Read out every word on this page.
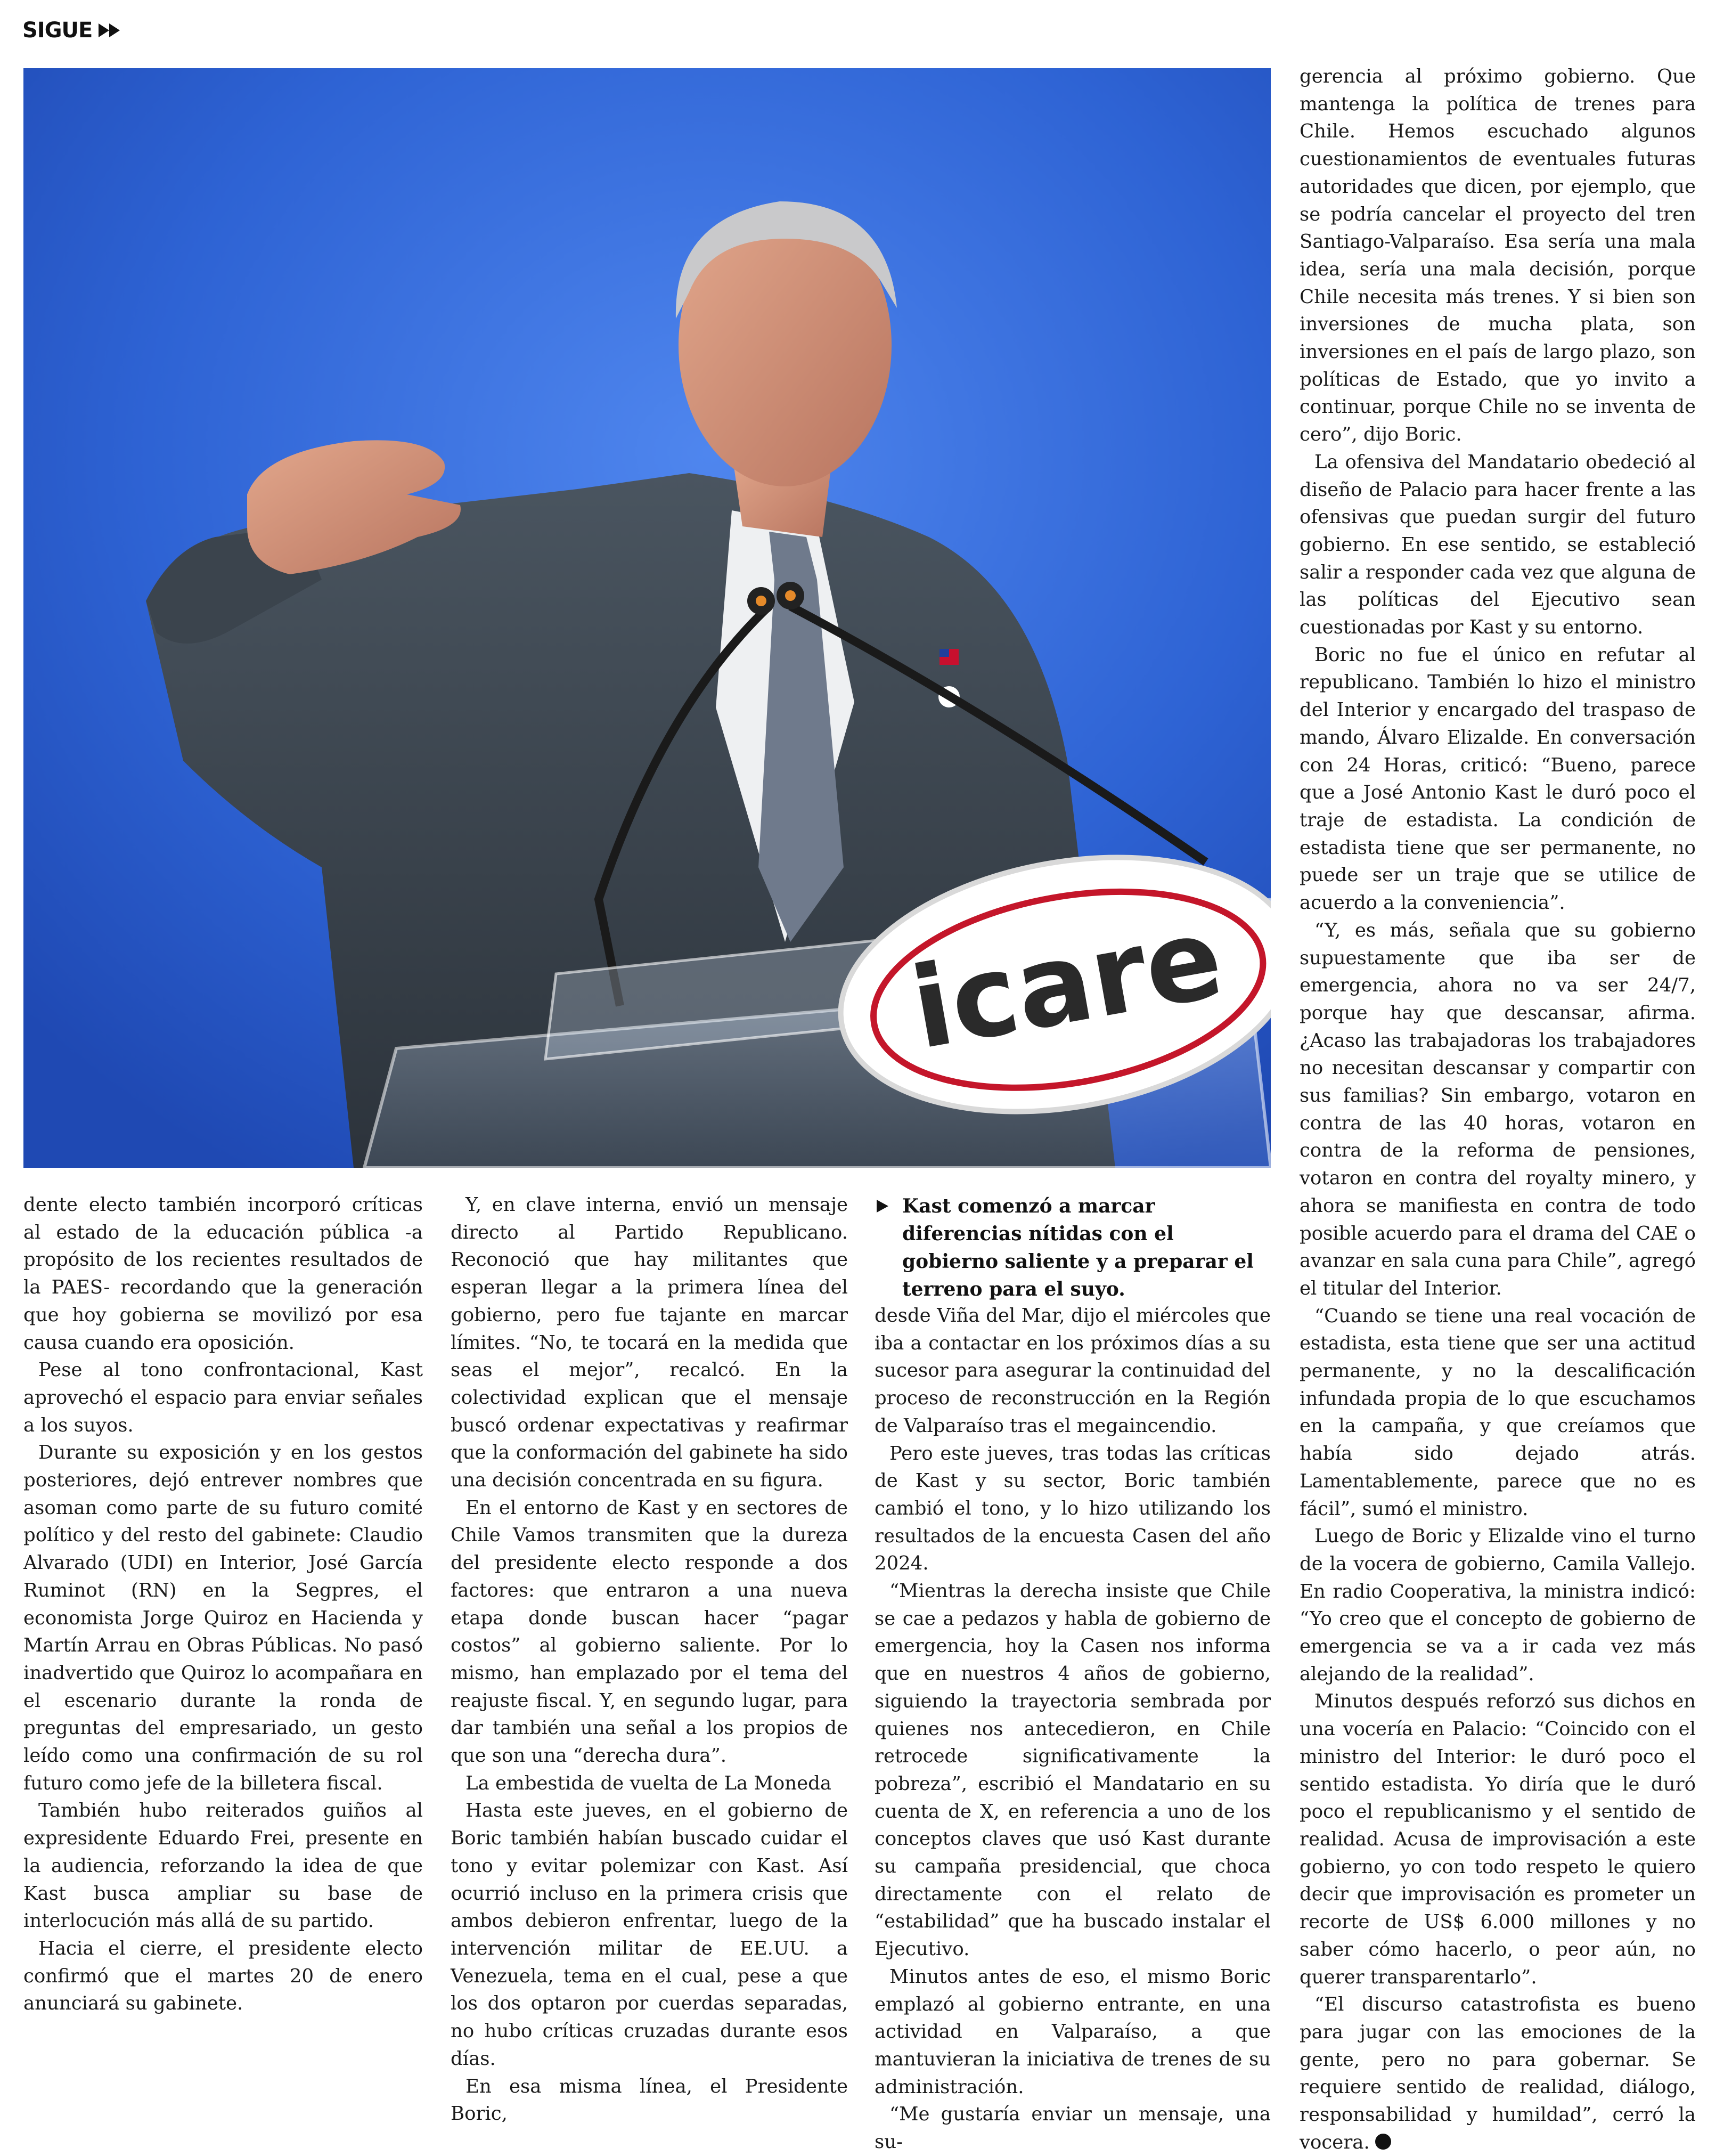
SIGUE
icare

dente electo también incorporó críticas al estado de la educación pública -a propósito de los recientes resultados de la PAES- recordando que la generación que hoy gobierna se movilizó por esa causa cuando era oposición.

Pese al tono confrontacional, Kast aprovechó el espacio para enviar señales a los suyos.

Durante su exposición y en los gestos posteriores, dejó entrever nombres que asoman como parte de su futuro comité político y del resto del gabinete: Claudio Alvarado (UDI) en Interior, José García Ruminot (RN) en la Segpres, el economista Jorge Quiroz en Hacienda y Martín Arrau en Obras Públicas. No pasó inadvertido que Quiroz lo acompañara en el escenario durante la ronda de preguntas del empresariado, un gesto leído como una confirmación de su rol futuro como jefe de la billetera fiscal.

También hubo reiterados guiños al expresidente Eduardo Frei, presente en la audiencia, reforzando la idea de que Kast busca ampliar su base de interlocución más allá de su partido.

Hacia el cierre, el presidente electo confirmó que el martes 20 de enero anunciará su gabinete.

Y, en clave interna, envió un mensaje directo al Partido Republicano. Reconoció que hay militantes que esperan llegar a la primera línea del gobierno, pero fue tajante en marcar límites. “No, te tocará en la medida que seas el mejor”, recalcó. En la colectividad explican que el mensaje buscó ordenar expectativas y reafirmar que la conformación del gabinete ha sido una decisión concentrada en su figura.

En el entorno de Kast y en sectores de Chile Vamos transmiten que la dureza del presidente electo responde a dos factores: que entraron a una nueva etapa donde buscan hacer “pagar costos” al gobierno saliente. Por lo mismo, han emplazado por el tema del reajuste fiscal. Y, en segundo lugar, para dar también una señal a los propios de que son una “derecha dura”.

La embestida de vuelta de La Moneda

Hasta este jueves, en el gobierno de Boric también habían buscado cuidar el tono y evitar polemizar con Kast. Así ocurrió incluso en la primera crisis que ambos debieron enfrentar, luego de la intervención militar de EE.UU. a Venezuela, tema en el cual, pese a que los dos optaron por cuerdas separadas, no hubo críticas cruzadas durante esos días.

En esa misma línea, el Presidente Boric,

Kast comenzó a marcar diferencias nítidas con el gobierno saliente y a preparar el terreno para el suyo.

desde Viña del Mar, dijo el miércoles que iba a contactar en los próximos días a su sucesor para asegurar la continuidad del proceso de reconstrucción en la Región de Valparaíso tras el megaincendio.

Pero este jueves, tras todas las críticas de Kast y su sector, Boric también cambió el tono, y lo hizo utilizando los resultados de la encuesta Casen del año 2024.

“Mientras la derecha insiste que Chile se cae a pedazos y habla de gobierno de emergencia, hoy la Casen nos informa que en nuestros 4 años de gobierno, siguiendo la trayectoria sembrada por quienes nos antecedieron, en Chile retrocede significativamente la pobreza”, escribió el Mandatario en su cuenta de X, en referencia a uno de los conceptos claves que usó Kast durante su campaña presidencial, que choca directamente con el relato de “estabilidad” que ha buscado instalar el Ejecutivo.

Minutos antes de eso, el mismo Boric emplazó al gobierno entrante, en una actividad en Valparaíso, a que mantuvieran la iniciativa de trenes de su administración.

“Me gustaría enviar un mensaje, una su-

gerencia al próximo gobierno. Que mantenga la política de trenes para Chile. Hemos escuchado algunos cuestionamientos de eventuales futuras autoridades que dicen, por ejemplo, que se podría cancelar el proyecto del tren Santiago-Valparaíso. Esa sería una mala idea, sería una mala decisión, porque Chile necesita más trenes. Y si bien son inversiones de mucha plata, son inversiones en el país de largo plazo, son políticas de Estado, que yo invito a continuar, porque Chile no se inventa de cero”, dijo Boric.

La ofensiva del Mandatario obedeció al diseño de Palacio para hacer frente a las ofensivas que puedan surgir del futuro gobierno. En ese sentido, se estableció salir a responder cada vez que alguna de las políticas del Ejecutivo sean cuestionadas por Kast y su entorno.

Boric no fue el único en refutar al republicano. También lo hizo el ministro del Interior y encargado del traspaso de mando, Álvaro Elizalde. En conversación con 24 Horas, criticó: “Bueno, parece que a José Antonio Kast le duró poco el traje de estadista. La condición de estadista tiene que ser permanente, no puede ser un traje que se utilice de acuerdo a la conveniencia”.

“Y, es más, señala que su gobierno supuestamente que iba ser de emergencia, ahora no va ser 24/7, porque hay que descansar, afirma. ¿Acaso las trabajadoras los trabajadores no necesitan descansar y compartir con sus familias? Sin embargo, votaron en contra de las 40 horas, votaron en contra de la reforma de pensiones, votaron en contra del royalty minero, y ahora se manifiesta en contra de todo posible acuerdo para el drama del CAE o avanzar en sala cuna para Chile”, agregó el titular del Interior.

“Cuando se tiene una real vocación de estadista, esta tiene que ser una actitud permanente, y no la descalificación infundada propia de lo que escuchamos en la campaña, y que creíamos que había sido dejado atrás. Lamentablemente, parece que no es fácil”, sumó el ministro.

Luego de Boric y Elizalde vino el turno de la vocera de gobierno, Camila Vallejo. En radio Cooperativa, la ministra indicó: “Yo creo que el concepto de gobierno de emergencia se va a ir cada vez más alejando de la realidad”.

Minutos después reforzó sus dichos en una vocería en Palacio: “Coincido con el ministro del Interior: le duró poco el sentido estadista. Yo diría que le duró poco el republicanismo y el sentido de realidad. Acusa de improvisación a este gobierno, yo con todo respeto le quiero decir que improvisación es prometer un recorte de US$ 6.000 millones y no saber cómo hacerlo, o peor aún, no querer transparentarlo”.

“El discurso catastrofista es bueno para jugar con las emociones de la gente, pero no para gobernar. Se requiere sentido de realidad, diálogo, responsabilidad y humildad”, cerró la vocera.
